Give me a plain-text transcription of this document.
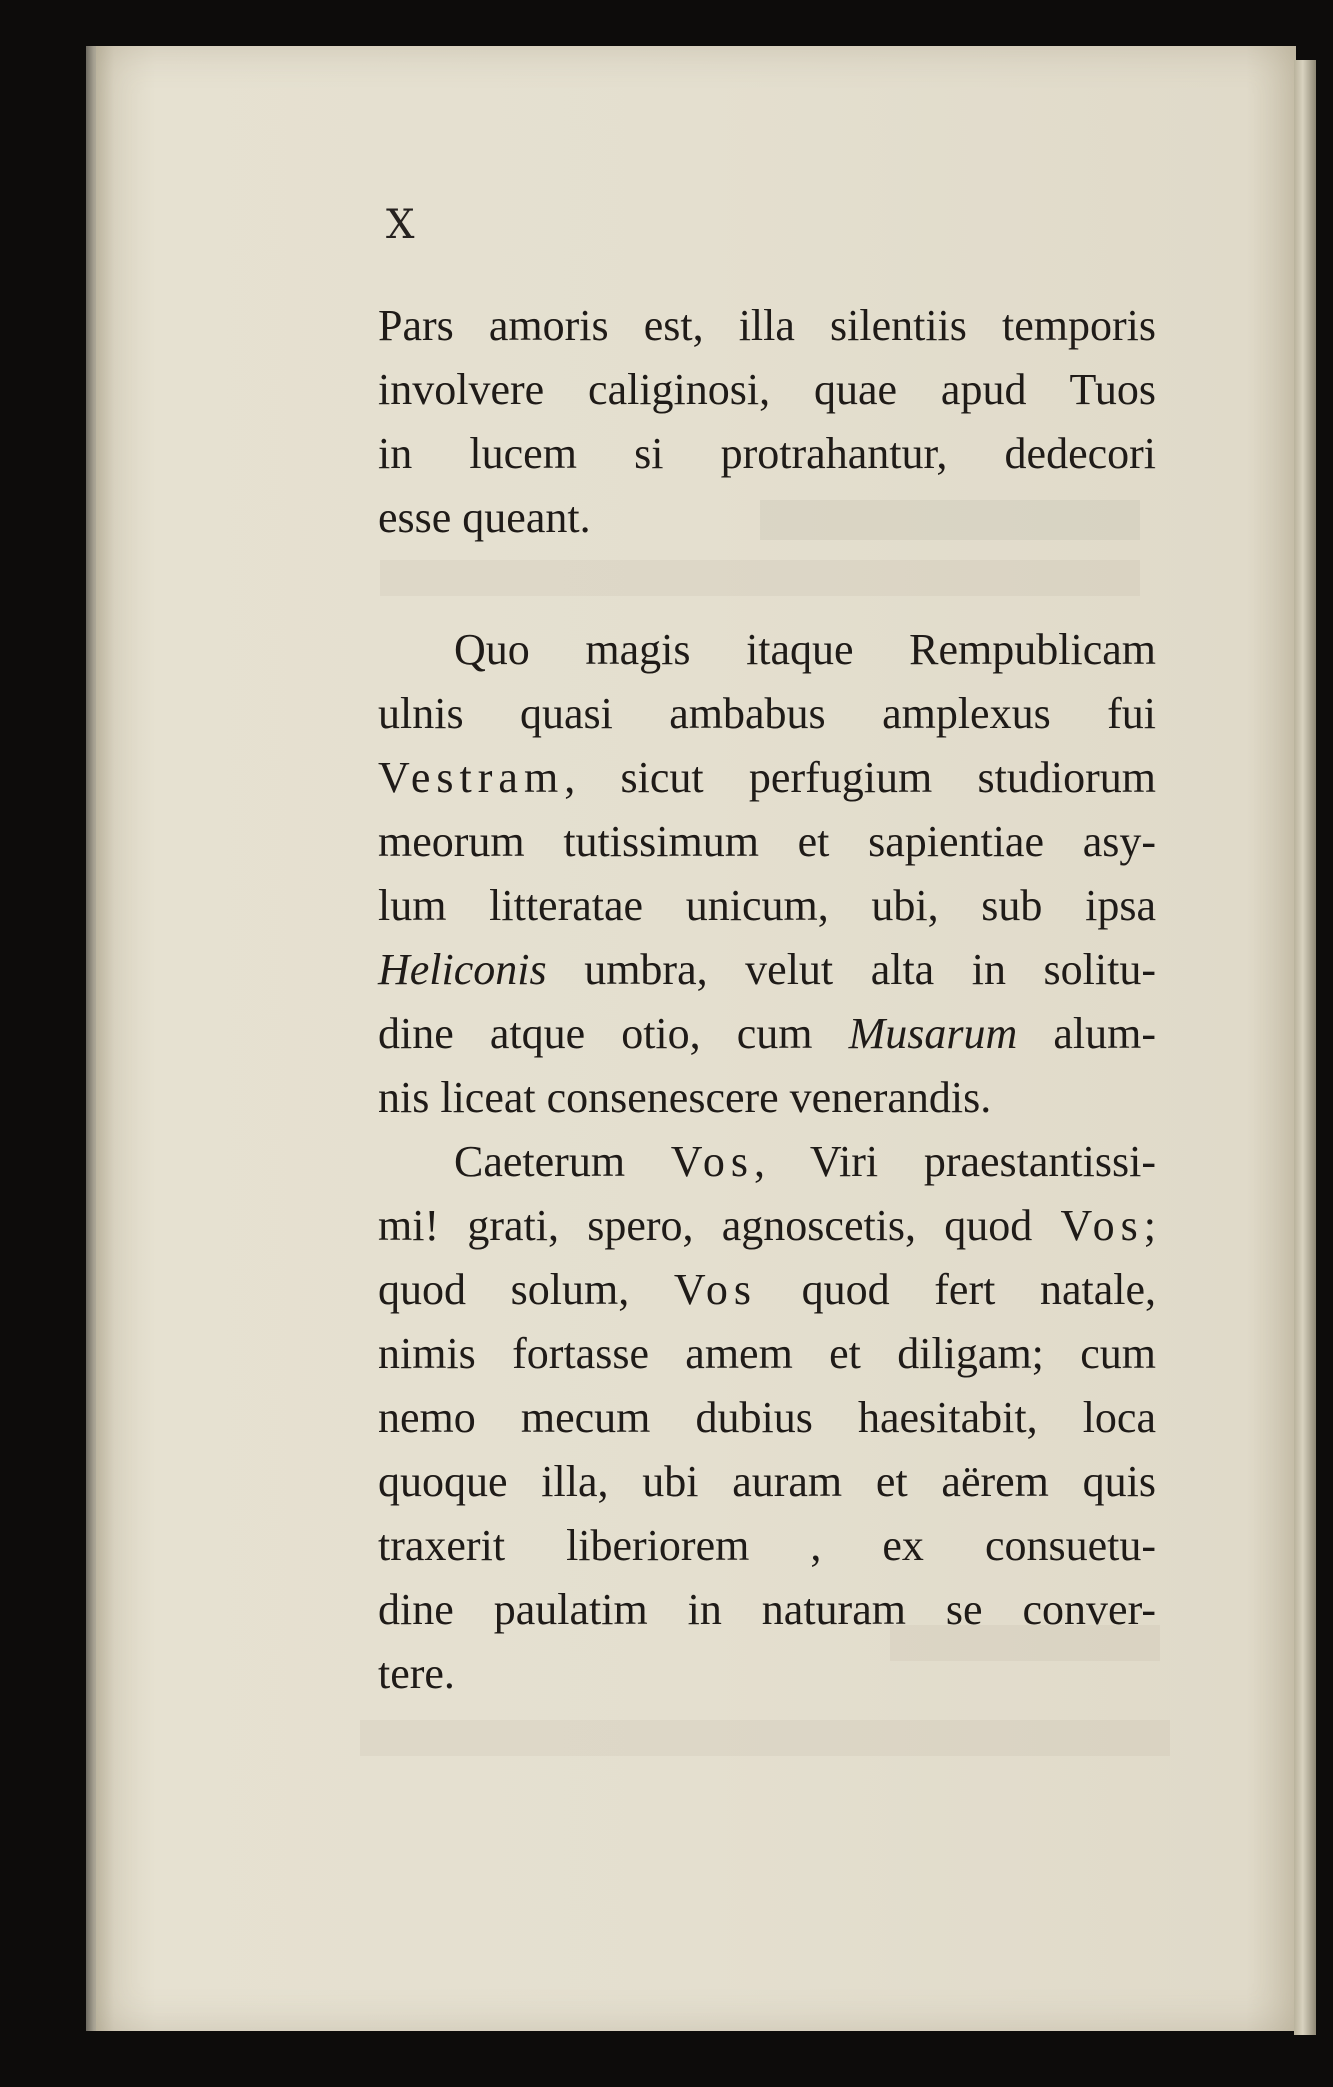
X
Pars amoris est, illa silentiis temporis
involvere caliginosi, quae apud Tuos
in lucem si protrahantur, dedecori
esse queant.
Quo magis itaque Rempublicam
ulnis quasi ambabus amplexus fui
Vestram, sicut perfugium studiorum
meorum tutissimum et sapientiae asy-
lum litteratae unicum, ubi, sub ipsa
Heliconis umbra, velut alta in solitu-
dine atque otio, cum Musarum alum-
nis liceat consenescere venerandis.
Caeterum Vos, Viri praestantissi-
mi! grati, spero, agnoscetis, quod Vos;
quod solum, Vos quod fert natale,
nimis fortasse amem et diligam; cum
nemo mecum dubius haesitabit, loca
quoque illa, ubi auram et aërem quis
traxerit liberiorem , ex consuetu-
dine paulatim in naturam se conver-
tere.
